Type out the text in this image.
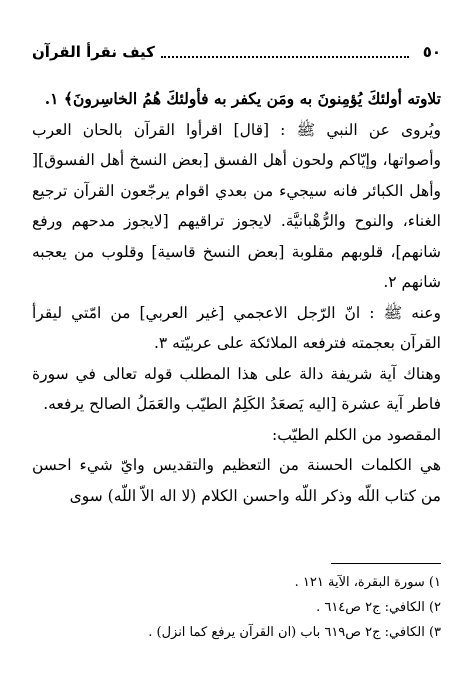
٥٠
كيف نقرأ القرآن

تلاوته أولئكَ يُؤمِنونَ به ومَن يكفر به فأولئكَ هُمُ الخاسِرونَ﴾ ١.

ويُروى عن النبي ﷺ : [قال] اقرأوا القرآن بالحان العرب وأصواتها، وإيّاكم ولحون أهل الفسق [بعض النسخ أهل الفسوق][ وأهل الكبائر فانه سيجيء من بعدي اقوام يرجّعون القرآن ترجيع الغناء، والنوح والرُّهْبانيَّة. لايجوز تراقيهم [لايجوز مدحهم ورفع شانهم]، قلوبهم مقلوبة [بعض النسخ قاسية] وقلوب من يعجبه شانهم ٢.

وعنه ﷺ : انّ الرّجل الاعجمي [غير العربي] من امّتي ليقرأ القرآن بعجمته فترفعه الملائكة على عربيّته ٣.

وهناك آية شريفة دالة على هذا المطلب قوله تعالى في سورة فاطر آية عشرة [اليه يَصعَدُ الكَلِمُ الطيّب والعَمَلُ الصالح يرفعه.

المقصود من الكلم الطيّب:

هي الكلمات الحسنة من التعظيم والتقديس وايّ شيء احسن من كتاب اللّه وذكر اللّه واحسن الكلام (لا اله الاّ اللّه) سوى

١) سورة البقرة، الآية ١٢١ .

٢) الكافي: ج٢ ص٦١٤ .

٣) الكافي: ج٢ ص٦١٩ باب (ان القرآن يرفع كما انزل) .
